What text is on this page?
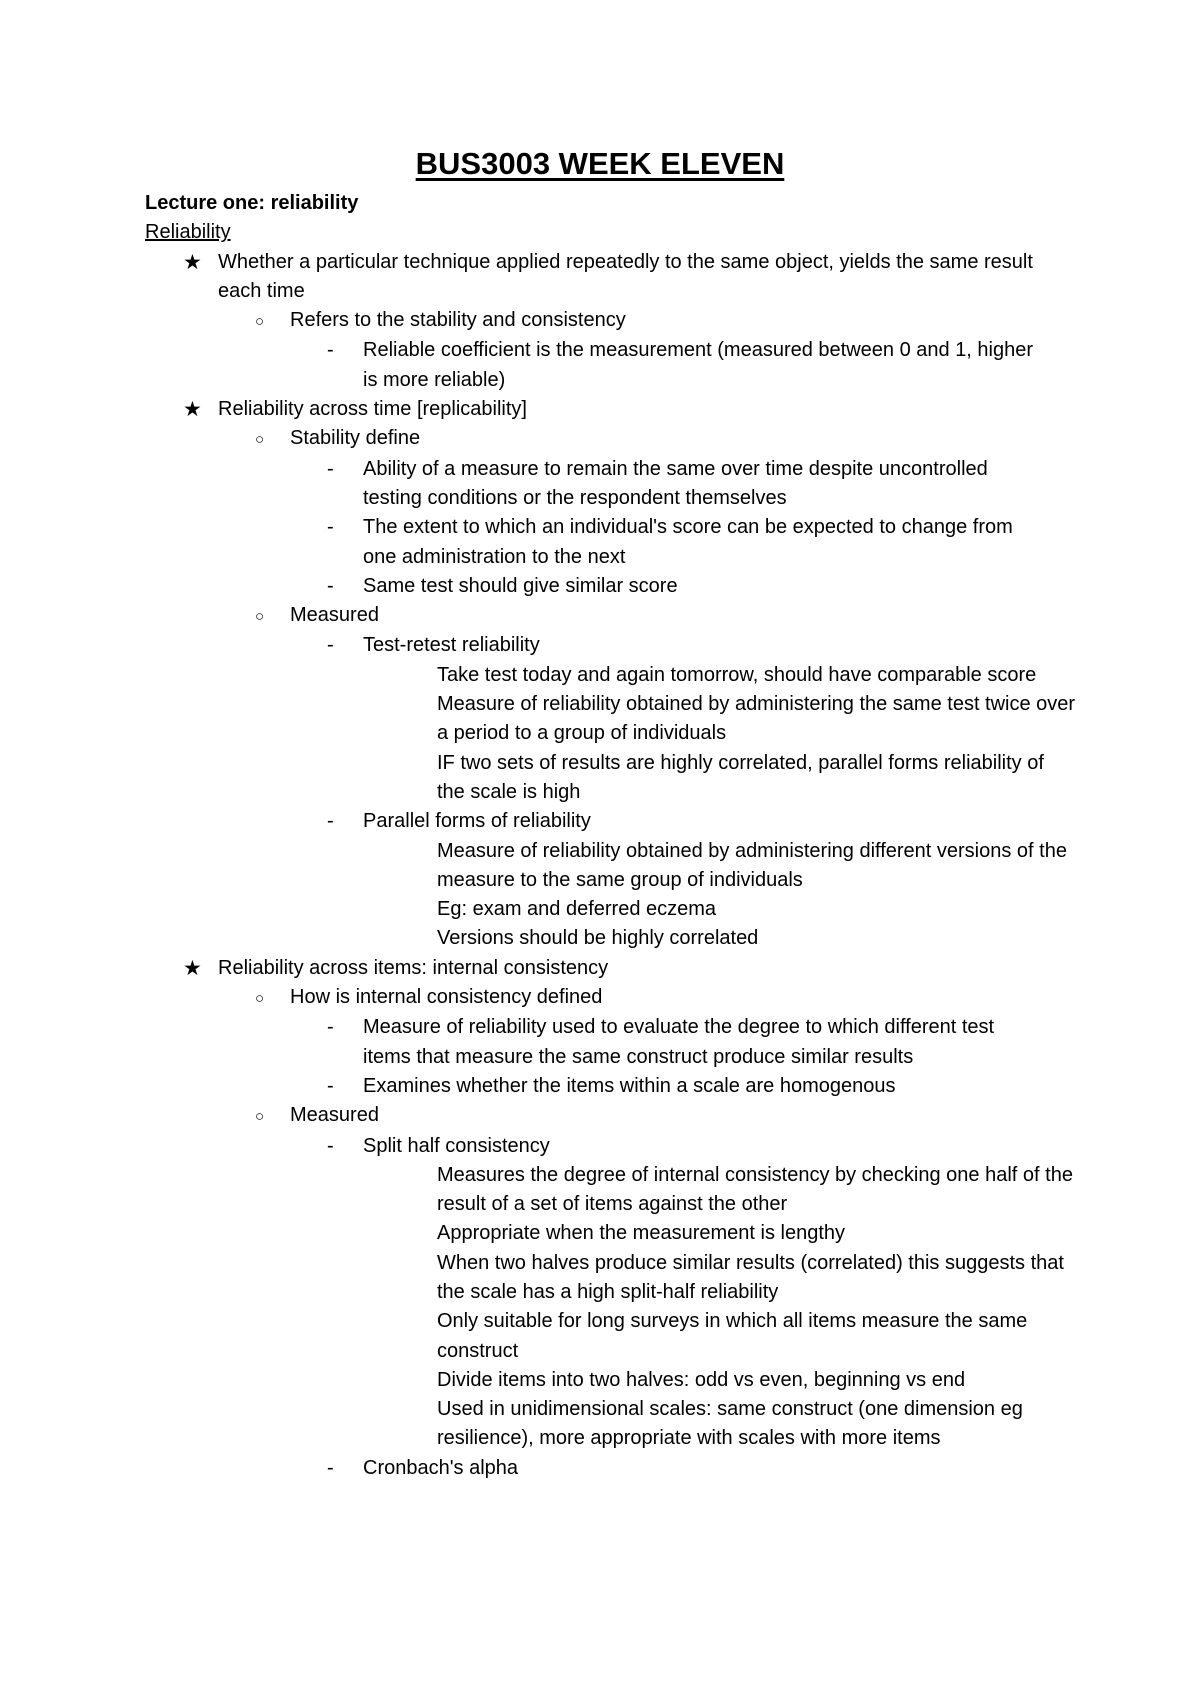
BUS3003 WEEK ELEVEN
Lecture one: reliability
Reliability
★ Whether a particular technique applied repeatedly to the same object, yields the same result each time
○	Refers to the stability and consistency
-	Reliable coefficient is the measurement (measured between 0 and 1, higher is more reliable)
★ Reliability across time [replicability]
○	Stability define
-	Ability of a measure to remain the same over time despite uncontrolled testing conditions or the respondent themselves
-	The extent to which an individual's score can be expected to change from one administration to the next
-	Same test should give similar score
○	Measured
-	Test-retest reliability
Take test today and again tomorrow, should have comparable score
Measure of reliability obtained by administering the same test twice over a period to a group of individuals
IF two sets of results are highly correlated, parallel forms reliability of the scale is high
-	Parallel forms of reliability
Measure of reliability obtained by administering different versions of the measure to the same group of individuals
Eg: exam and deferred eczema
Versions should be highly correlated
★ Reliability across items: internal consistency
○	How is internal consistency defined
-	Measure of reliability used to evaluate the degree to which different test items that measure the same construct produce similar results
-	Examines whether the items within a scale are homogenous
○	Measured
-	Split half consistency
Measures the degree of internal consistency by checking one half of the result of a set of items against the other
Appropriate when the measurement is lengthy
When two halves produce similar results (correlated) this suggests that the scale has a high split-half reliability
Only suitable for long surveys in which all items measure the same construct
Divide items into two halves: odd vs even, beginning vs end
Used in unidimensional scales: same construct (one dimension eg resilience), more appropriate with scales with more items
-	Cronbach's alpha
